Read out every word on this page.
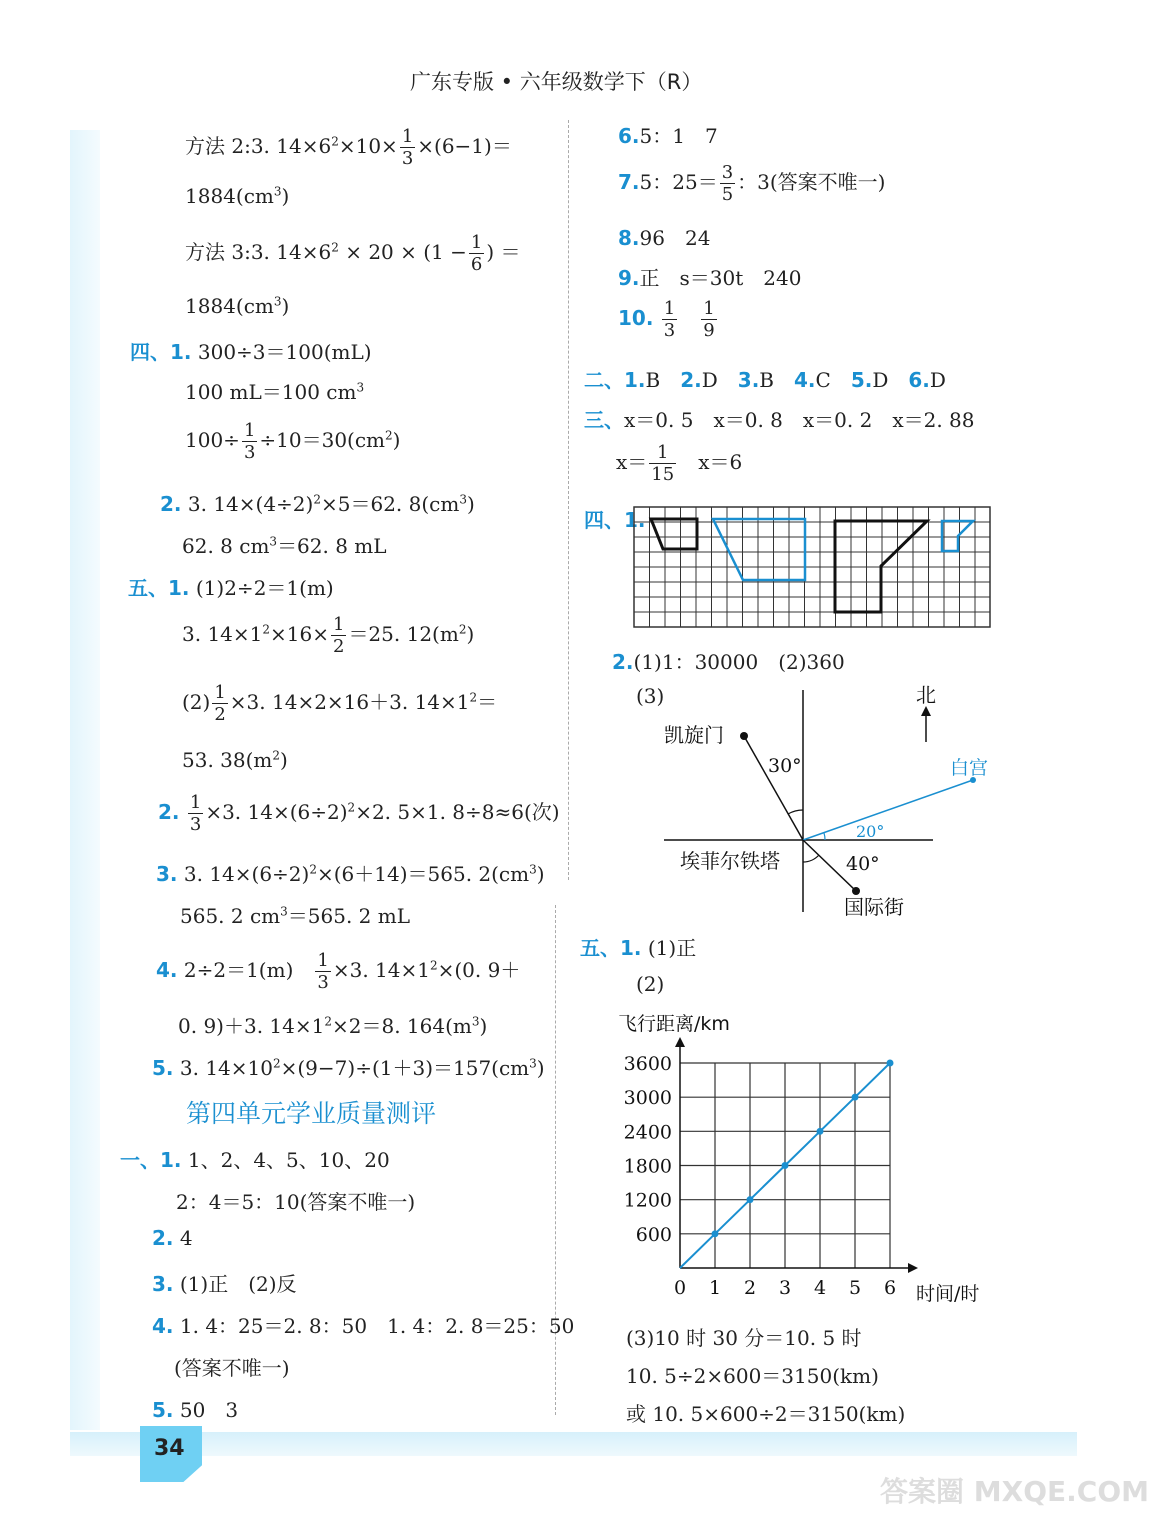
34
答案圈 MXQE.COM
广东专版 • 六年级数学下（R）
方法 2:3. $14\times 6^2\times 10\times \frac{1}{3} \times(6-1)=$
$1884(cm^3)$
方法 3:3. $14\times 6^2 \times 20 \times (1 - \frac{1}{6}$ ) ＝
$1884(cm^3)$
四、1. 300÷3＝100(mL)
100 mL＝100 $cm^3$
$100\div \frac{1}{3} \div 10=30(cm^2)$
2. 3. $14\times(4\div 2)^2\times 5=62$. $8(cm^3)$
62. 8 $cm^3=62$. 8 mL
五、1. (1)2÷2＝1(m)
3. $14\times 1^2\times 16\times \frac{1}{2} =25$. $12(m^2)$
$(2) \frac{1}{2} \times 3$. 14×2×16＋3. $14\times 1^2=$
53. $38(m^2)$
2. $\frac{1}{3} \times 3$. $14\times(6\div 2)^2\times 2$. 5×1. 8÷8≈6(次)
3. 3. $14\times(6\div 2)^2\times(6+14)=565$. $2(cm^3)$
565. 2 $cm^3=565$. 2 mL
4. 2÷2＝1(m)　 $\frac{1}{3} \times 3$. $14\times 1^2\times(0$. 9＋
0. 9)＋3. $14\times 1^2\times 2=8$. $164(m^3)$
5. 3. $14\times 10^2\times(9-7)\div(1+3)=157(cm^3)$
第四单元学业质量测评
一、1. 1、2、4、5、10、20
2：4＝5：10(答案不唯一)
2. 4
3. (1)正　(2)反
4. 1. 4：25＝2. 8：50　1. 4：2. 8＝25：50
(答案不唯一)
5. 50　3
6.5：1　7
7.5：$25= \frac{3}{5}$ ：3(答案不唯一)
8.96　24
9.正　s＝30t　240
10. $\frac{1}{3}$
　 $\frac{1}{9}$
二、1.B　 2.D　 3.B　 4.C　 5.D　 6.D
三、x＝0. 5　x＝0. 8　x＝0. 2　x＝2. 88
$x= \frac{1}{15}$
　 x＝6
四、1.
2.(1)1：30000　(2)360
(3)	北
凯旋门
白宫
埃菲尔铁塔
国际街
30°
20°
40°
五、1. (1)正
(2)
飞行距离/km
时间/时
0 1 2 3 4 5 6
600
1200
1800
2400
3000
3600
(3)10 时 30 分＝10. 5 时
10. 5÷2×600＝3150(km)
或 10. 5×600÷2＝3150(km)
